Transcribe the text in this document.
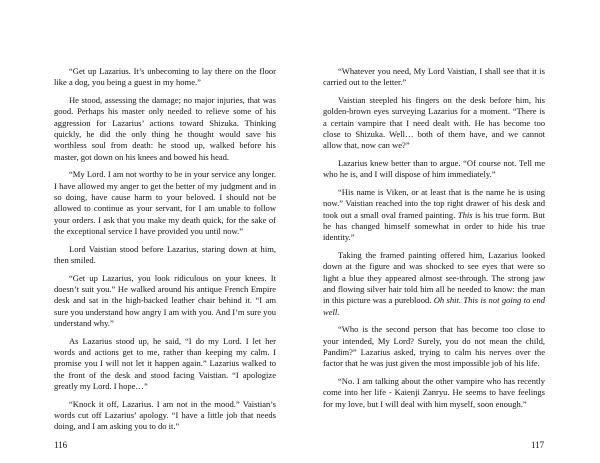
“Get up Lazarius. It’s unbecoming to lay there on the floor like a dog, you being a guest in my home.”

He stood, assessing the damage; no major injuries, that was good. Perhaps his master only needed to relieve some of his aggression for Lazarius’ actions toward Shizuka. Thinking quickly, he did the only thing he thought would save his worthless soul from death: he stood up, walked before his master, got down on his knees and bowed his head.

“My Lord. I am not worthy to be in your service any longer. I have allowed my anger to get the better of my judgment and in so doing, have cause harm to your beloved. I should not be allowed to continue as your servant, for I am unable to follow your orders. I ask that you make my death quick, for the sake of the exceptional service I have provided you until now.”

Lord Vaistian stood before Lazarius, staring down at him, then smiled.

“Get up Lazarius, you look ridiculous on your knees. It doesn’t suit you.” He walked around his antique French Empire desk and sat in the high-backed leather chair behind it. “I am sure you understand how angry I am with you. And I’m sure you understand why.”

As Lazarius stood up, he said, “I do my Lord. I let her words and actions get to me, rather than keeping my calm. I promise you I will not let it happen again.” Lazarius walked to the front of the desk and stood facing Vaistian. “I apologize greatly my Lord. I hope…”

“Knock it off, Lazarius. I am not in the mood.” Vaistian’s words cut off Lazarius’ apology. “I have a little job that needs doing, and I am asking you to do it.”

116

“Whatever you need, My Lord Vaistian, I shall see that it is carried out to the letter.”

Vaistian steepled his fingers on the desk before him, his golden-brown eyes surveying Lazarius for a moment. “There is a certain vampire that I need dealt with. He has become too close to Shizuka. Well… both of them have, and we cannot allow that, now can we?”

Lazarius knew better than to argue. “Of course not. Tell me who he is, and I will dispose of him immediately.”

“His name is Viken, or at least that is the name he is using now.” Vaistian reached into the top right drawer of his desk and took out a small oval framed painting. This is his true form. But he has changed himself somewhat in order to hide his true identity.”

Taking the framed painting offered him, Lazarius looked down at the figure and was shocked to see eyes that were so light a blue they appeared almost see-through. The strong jaw and flowing silver hair told him all he needed to know: the man in this picture was a pureblood. Oh shit. This is not going to end well.

“Who is the second person that has become too close to your intended, My Lord? Surely, you do not mean the child, Pandim?” Lazarius asked, trying to calm his nerves over the factor that he was just given the most impossible job of his life.

“No. I am talking about the other vampire who has recently come into her life - Kaienji Zanryu. He seems to have feelings for my love, but I will deal with him myself, soon enough.”

117
